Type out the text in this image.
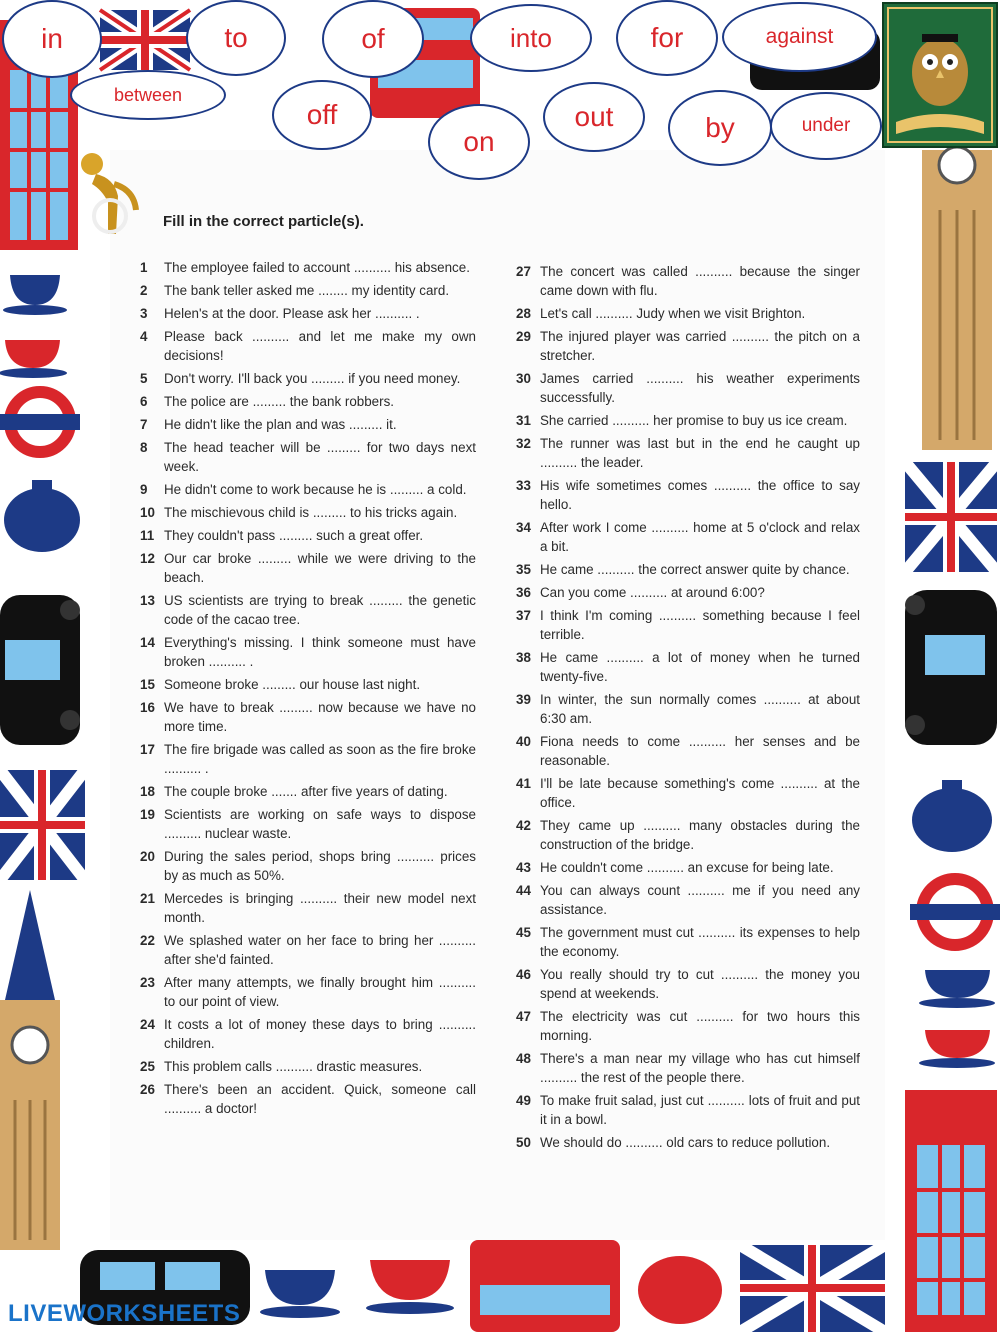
in	to	of	into	for	against
between
off
on
out	by	under
Fill in the correct particle(s).
1 The employee failed to account .......... his absence.
2 The bank teller asked me ........ my identity card.
3 Helen's at the door. Please ask her .......... .
4 Please back .......... and let me make my own decisions!
5 Don't worry. I'll back you ......... if you need money.
6 The police are ......... the bank robbers.
7 He didn't like the plan and was ......... it.
8 The head teacher will be ......... for two days next week.
9 He didn't come to work because he is ......... a cold.
10 The mischievous child is ......... to his tricks again.
11 They couldn't pass ......... such a great offer.
12 Our car broke ......... while we were driving to the beach.
13 US scientists are trying to break ......... the genetic code of the cacao tree.
14 Everything's missing. I think someone must have broken .......... .
15 Someone broke ......... our house last night.
16 We have to break ......... now because we have no more time.
17 The fire brigade was called as soon as the fire broke .......... .
18 The couple broke ....... after five years of dating.
19 Scientists are working on safe ways to dispose .......... nuclear waste.
20 During the sales period, shops bring .......... prices by as much as 50%.
21 Mercedes is bringing .......... their new model next month.
22 We splashed water on her face to bring her .......... after she'd fainted.
23 After many attempts, we finally brought him .......... to our point of view.
24 It costs a lot of money these days to bring .......... children.
25 This problem calls .......... drastic measures.
26 There's been an accident. Quick, someone call .......... a doctor!
27 The concert was called .......... because the singer came down with flu.
28 Let's call .......... Judy when we visit Brighton.
29 The injured player was carried .......... the pitch on a stretcher.
30 James carried .......... his weather experiments successfully.
31 She carried .......... her promise to buy us ice cream.
32 The runner was last but in the end he caught up .......... the leader.
33 His wife sometimes comes .......... the office to say hello.
34 After work I come .......... home at 5 o'clock and relax a bit.
35 He came .......... the correct answer quite by chance.
36 Can you come .......... at around 6:00?
37 I think I'm coming .......... something because I feel terrible.
38 He came .......... a lot of money when he turned twenty-five.
39 In winter, the sun normally comes .......... at about 6:30 am.
40 Fiona needs to come .......... her senses and be reasonable.
41 I'll be late because something's come .......... at the office.
42 They came up .......... many obstacles during the construction of the bridge.
43 He couldn't come .......... an excuse for being late.
44 You can always count .......... me if you need any assistance.
45 The government must cut .......... its expenses to help the economy.
46 You really should try to cut .......... the money you spend at weekends.
47 The electricity was cut .......... for two hours this morning.
48 There's a man near my village who has cut himself .......... the rest of the people there.
49 To make fruit salad, just cut .......... lots of fruit and put it in a bowl.
50 We should do .......... old cars to reduce pollution.
LIVEWORKSHEETS
